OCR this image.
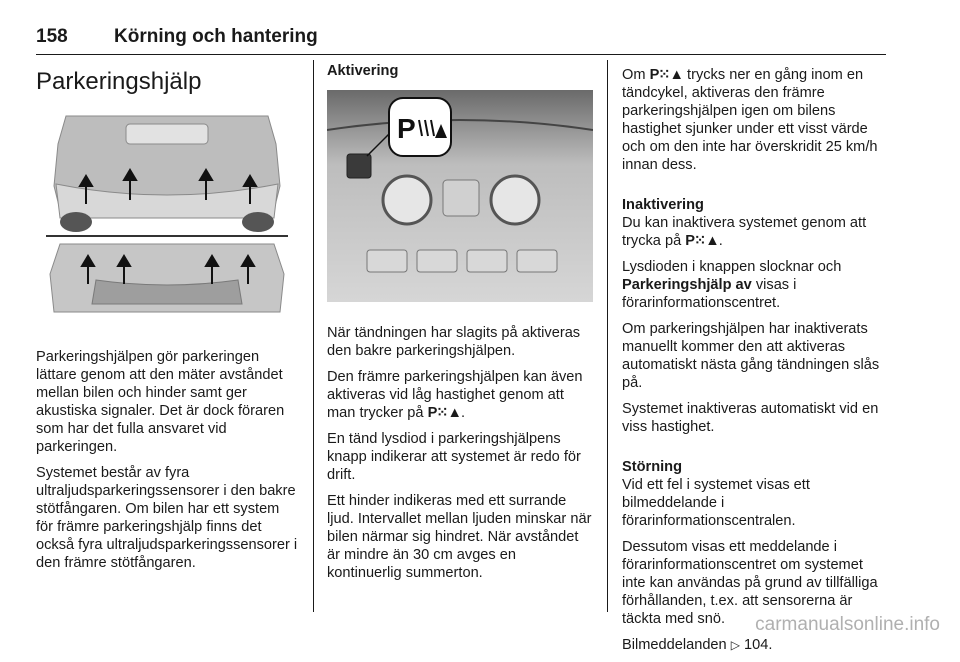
158 Körning och hantering
Parkeringshjälp

Parkeringshjälpen gör parkeringen lättare genom att den mäter avståndet mellan bilen och hinder samt ger akustiska signaler. Det är dock föraren som har det fulla ansvaret vid parkeringen.

Systemet består av fyra ultraljudsparkeringssensorer i den bakre stötfångaren. Om bilen har ett system för främre parkeringshjälp finns det också fyra ultraljudsparkeringssensorer i den främre stötfångaren.

Aktivering

P

När tändningen har slagits på aktiveras den bakre parkeringshjälpen.

Den främre parkeringshjälpen kan även aktiveras vid låg hastighet genom att man trycker på P⁙▲.

En tänd lysdiod i parkeringshjälpens knapp indikerar att systemet är redo för drift.

Ett hinder indikeras med ett surrande ljud. Intervallet mellan ljuden minskar när bilen närmar sig hindret. När avståndet är mindre än 30 cm avges en kontinuerlig summerton.

Om P⁙▲ trycks ner en gång inom en tändcykel, aktiveras den främre parkeringshjälpen igen om bilens hastighet sjunker under ett visst värde och om den inte har överskridit 25 km/h innan dess.

Inaktivering

Du kan inaktivera systemet genom att trycka på P⁙▲.

Lysdioden i knappen slocknar och Parkeringshjälp av visas i förarinformationscentret.

Om parkeringshjälpen har inaktiverats manuellt kommer den att aktiveras automatiskt nästa gång tändningen slås på.

Systemet inaktiveras automatiskt vid en viss hastighet.

Störning

Vid ett fel i systemet visas ett bilmeddelande i förarinformationscentralen.

Dessutom visas ett meddelande i förarinformationscentret om systemet inte kan användas på grund av tillfälliga förhållanden, t.ex. att sensorerna är täckta med snö.

Bilmeddelanden ▷ 104.

carmanualsonline.info
